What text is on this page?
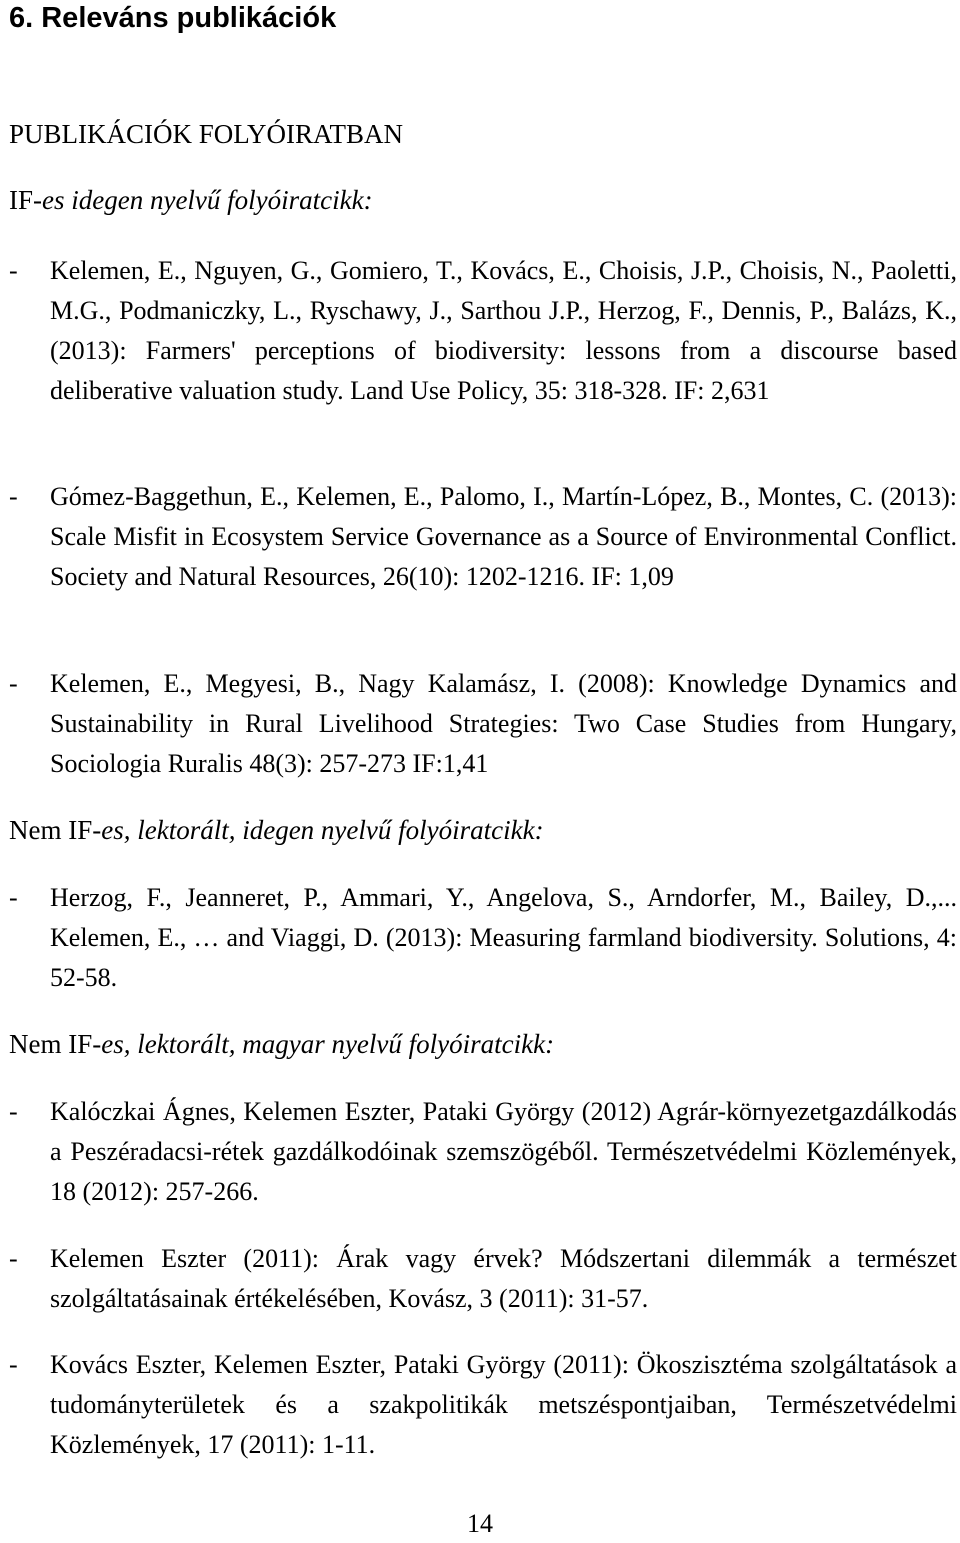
6. Releváns publikációk
PUBLIKÁCIÓK FOLYÓIRATBAN
IF-es idegen nyelvű folyóiratcikk:
- Kelemen, E., Nguyen, G., Gomiero, T., Kovács, E., Choisis, J.P., Choisis, N., Paoletti, M.G., Podmaniczky, L., Ryschawy, J., Sarthou J.P., Herzog, F., Dennis, P., Balázs, K., (2013): Farmers' perceptions of biodiversity: lessons from a discourse based deliberative valuation study. Land Use Policy, 35: 318-328. IF: 2,631
- Gómez-Baggethun, E., Kelemen, E., Palomo, I., Martín-López, B., Montes, C. (2013): Scale Misfit in Ecosystem Service Governance as a Source of Environmental Conflict. Society and Natural Resources, 26(10): 1202-1216. IF: 1,09
- Kelemen, E., Megyesi, B., Nagy Kalamász, I. (2008): Knowledge Dynamics and Sustainability in Rural Livelihood Strategies: Two Case Studies from Hungary, Sociologia Ruralis 48(3): 257-273 IF:1,41
Nem IF-es, lektorált, idegen nyelvű folyóiratcikk:
- Herzog, F., Jeanneret, P., Ammari, Y., Angelova, S., Arndorfer, M., Bailey, D.,... Kelemen, E., … and Viaggi, D. (2013): Measuring farmland biodiversity. Solutions, 4: 52-58.
Nem IF-es, lektorált, magyar nyelvű folyóiratcikk:
- Kalóczkai Ágnes, Kelemen Eszter, Pataki György (2012) Agrár-környezetgazdálkodás a Peszéradacsi-rétek gazdálkodóinak szemszögéből. Természetvédelmi Közlemények, 18 (2012): 257-266.
- Kelemen Eszter (2011): Árak vagy érvek? Módszertani dilemmák a természet szolgáltatásainak értékelésében, Kovász, 3 (2011): 31-57.
- Kovács Eszter, Kelemen Eszter, Pataki György (2011): Ökoszisztéma szolgáltatások a tudományterületek és a szakpolitikák metszéspontjaiban, Természetvédelmi Közlemények, 17 (2011): 1-11.
14
